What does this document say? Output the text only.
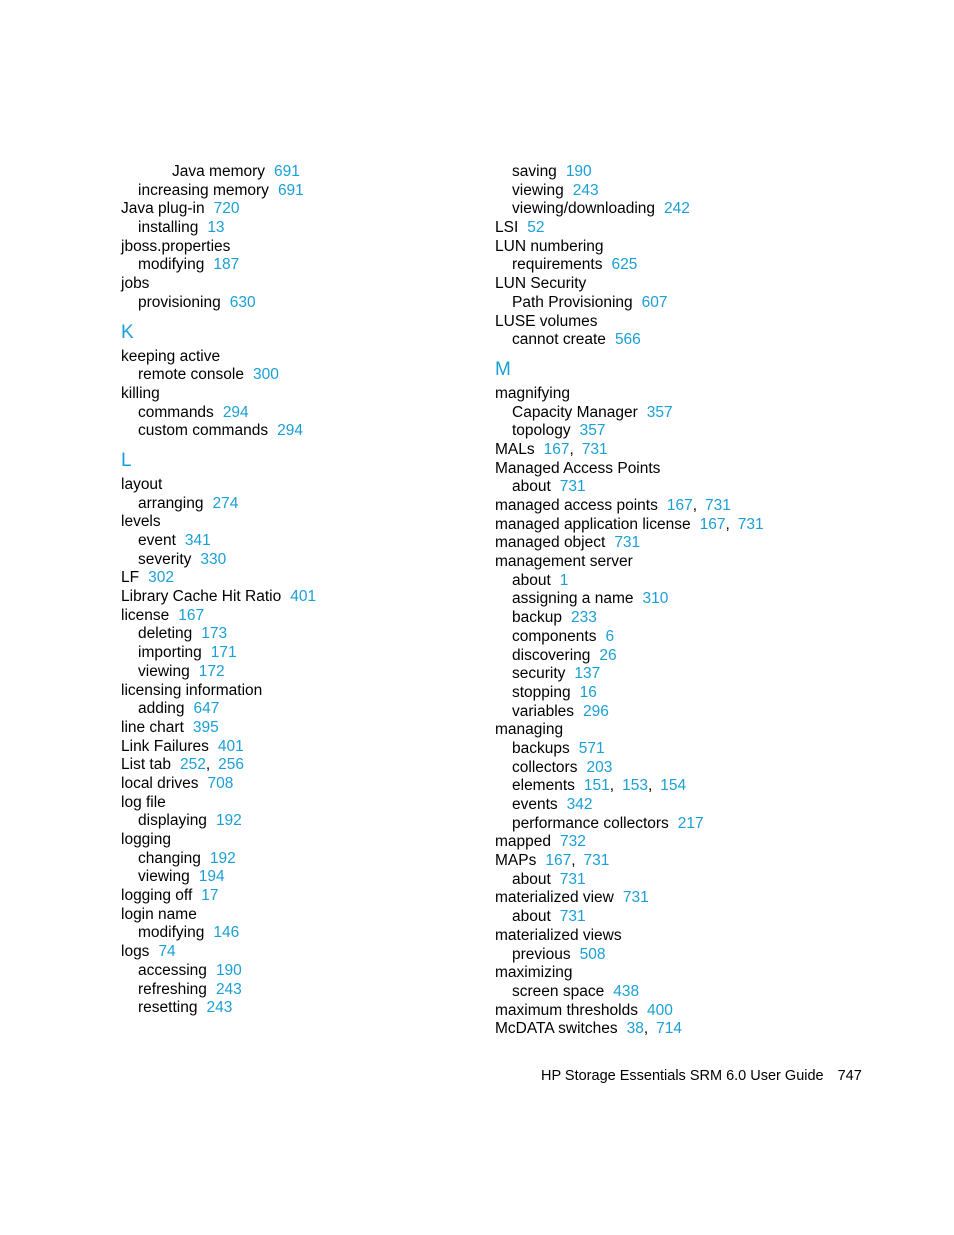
Java memory 691
increasing memory 691
Java plug-in 720
installing 13
jboss.properties
modifying 187
jobs
provisioning 630
K
keeping active
remote console 300
killing
commands 294
custom commands 294
L
layout
arranging 274
levels
event 341
severity 330
LF 302
Library Cache Hit Ratio 401
license 167
deleting 173
importing 171
viewing 172
licensing information
adding 647
line chart 395
Link Failures 401
List tab 252, 256
local drives 708
log file
displaying 192
logging
changing 192
viewing 194
logging off 17
login name
modifying 146
logs 74
accessing 190
refreshing 243
resetting 243
saving 190
viewing 243
viewing/downloading 242
LSI 52
LUN numbering
requirements 625
LUN Security
Path Provisioning 607
LUSE volumes
cannot create 566
M
magnifying
Capacity Manager 357
topology 357
MALs 167, 731
Managed Access Points
about 731
managed access points 167, 731
managed application license 167, 731
managed object 731
management server
about 1
assigning a name 310
backup 233
components 6
discovering 26
security 137
stopping 16
variables 296
managing
backups 571
collectors 203
elements 151, 153, 154
events 342
performance collectors 217
mapped 732
MAPs 167, 731
about 731
materialized view 731
about 731
materialized views
previous 508
maximizing
screen space 438
maximum thresholds 400
McDATA switches 38, 714
HP Storage Essentials SRM 6.0 User Guide 747
